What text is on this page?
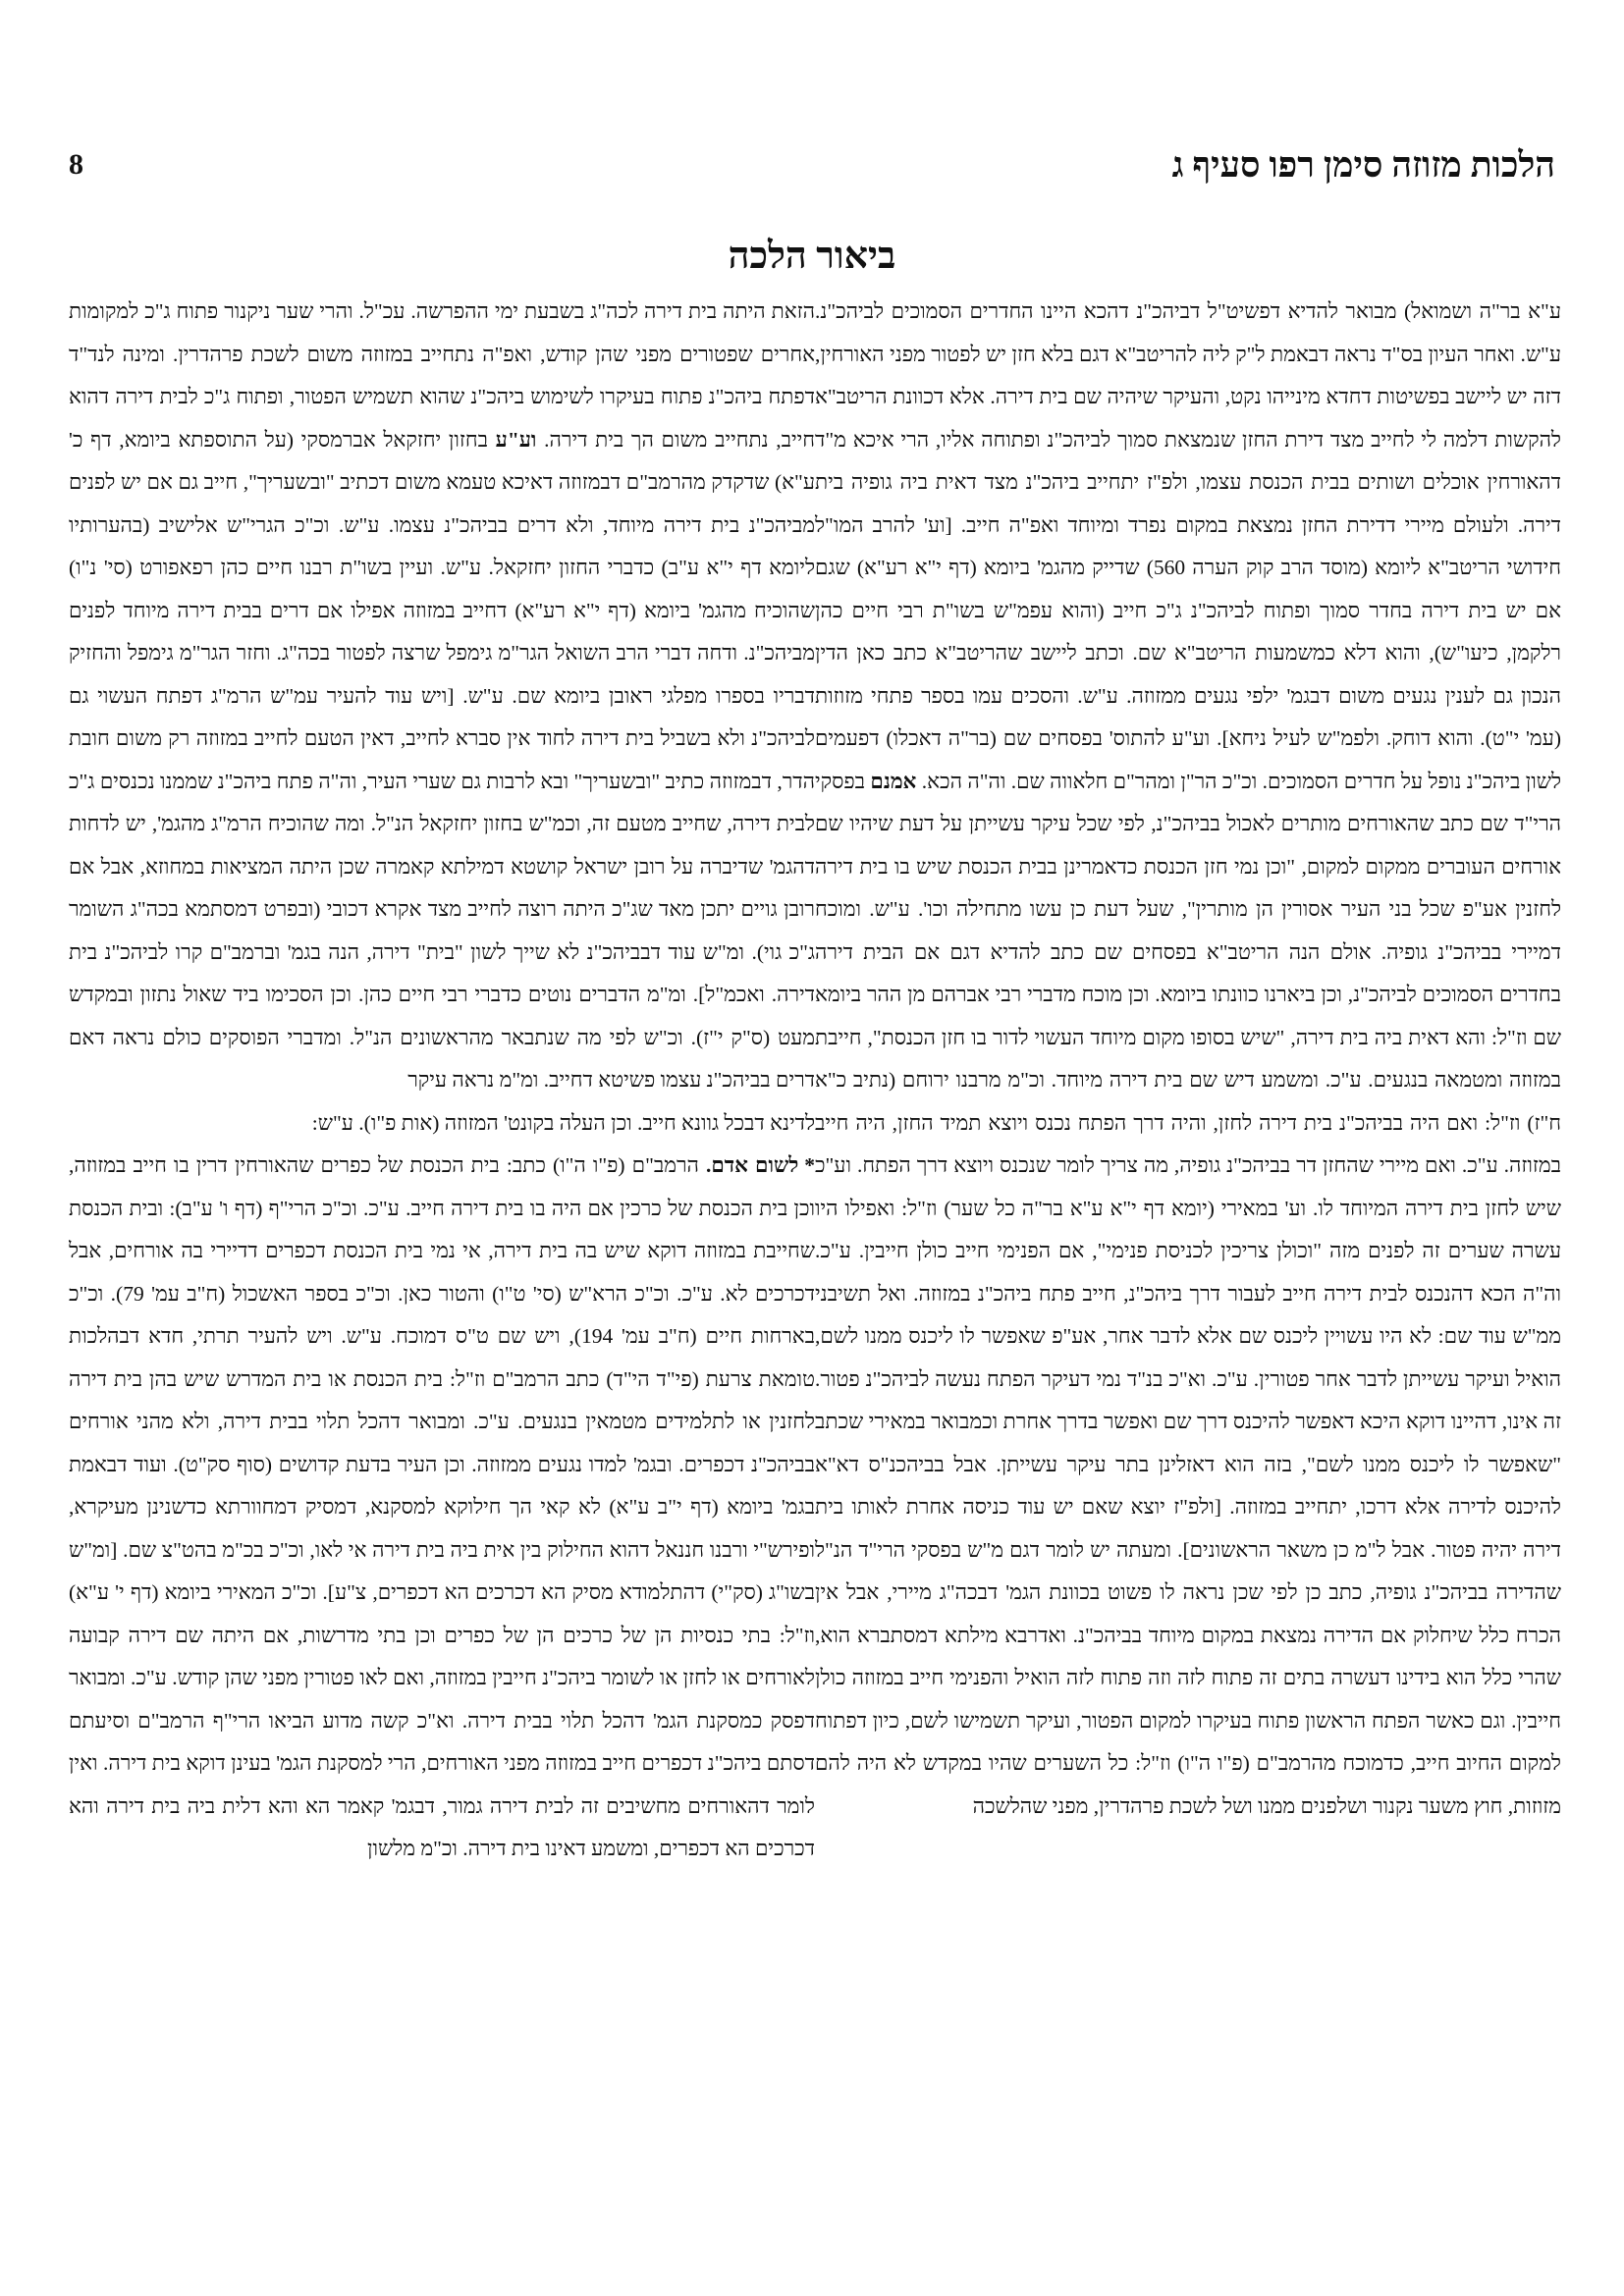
הלכות מזוזה סימן רפו סעיף ג
8
ביאור הלכה

ע"א בר"ה ושמואל) מבואר להדיא דפשיט"ל דביהכ"נ דהכא היינו החדרים הסמוכים לביהכ"נ. ע"ש. ואחר העיון בס"ד נראה דבאמת ל"ק ליה להריטב"א דגם בלא חזן יש לפטור מפני האורחין, דזה יש ליישב בפשיטות דחדא מינייהו נקט, והעיקר שיהיה שם בית דירה. אלא דכוונת הריטב"א להקשות דלמה לי לחייב מצד דירת החזן שנמצאת סמוך לביהכ"נ ופתוחה אליו, הרי איכא מ"ד דהאורחין אוכלים ושותים בבית הכנסת עצמו, ולפ"ז יתחייב ביהכ"נ מצד דאית ביה גופיה בית דירה. ולעולם מיירי דדירת החזן נמצאת במקום נפרד ומיוחד ואפ"ה חייב. [וע' להרב המו"ל חידושי הריטב"א ליומא (מוסד הרב קוק הערה 560) שדייק מהגמ' ביומא (דף י"א רע"א) שגם אם יש בית דירה בחדר סמוך ופתוח לביהכ"נ ג"כ חייב (והוא עפמ"ש בשו"ת רבי חיים כהן רלקמן, כיעו"ש), והוא דלא כמשמעות הריטב"א שם. וכתב ליישב שהריטב"א כתב כאן הדין הנכון גם לענין נגעים משום דבגמ' ילפי נגעים ממזוזה. ע"ש. והסכים עמו בספר פתחי מזוזות (עמ' י"ט). והוא דוחק. ולפמ"ש לעיל ניחא]. וע"ע להתוס' בפסחים שם (בר"ה דאכלו) דפעמים לשון ביהכ"נ נופל על חדרים הסמוכים. וכ"כ הר"ן ומהר"ם חלאווה שם. וה"ה הכא. אמנם בפסקי הרי"ד שם כתב שהאורחים מותרים לאכול בביהכ"נ, לפי שכל עיקר עשייתן על דעת שיהיו שם אורחים העוברים ממקום למקום, "וכן נמי חזן הכנסת כדאמרינן בבית הכנסת שיש בו בית דירה לחזנין אע"פ שכל בני העיר אסורין הן מותרין", שעל דעת כן עשו מתחילה וכו'. ע"ש. ומוכח דמיירי בביהכ"נ גופיה. אולם הנה הריטב"א בפסחים שם כתב להדיא דגם אם הבית דירה בחדרים הסמוכים לביהכ"נ, וכן ביארנו כוונתו ביומא. וכן מוכח מדברי רבי אברהם מן ההר ביומא שם וז"ל: והא דאית ביה בית דירה, "שיש בסופו מקום מיוחד העשוי לדור בו חזן הכנסת", חייבת במזוזה ומטמאה בנגעים. ע"כ. ומשמע דיש שם בית דירה מיוחד. וכ"מ מרבנו ירוחם (נתיב כ"א ח"ז) וז"ל: ואם היה בביהכ"נ בית דירה לחזן, והיה דרך הפתח נכנס ויוצא תמיד החזן, היה חייב במזוזה. ע"כ. ואם מיירי שהחזן דר בביהכ"נ גופיה, מה צריך לומר שנכנס ויוצא דרך הפתח. וע"כ שיש לחזן בית דירה המיוחד לו. וע' במאירי (יומא דף י"א ע"א בר"ה כל שער) וז"ל: ואפילו היו עשרה שערים זה לפנים מזה "וכולן צריכין לכניסת פנימי", אם הפנימי חייב כולן חייבין. ע"כ. וה"ה הכא דהנכנס לבית דירה חייב לעבור דרך ביהכ"נ, חייב פתח ביהכ"נ במזוזה. ואל תשיבני ממ"ש עוד שם: לא היו עשויין ליכנס שם אלא לדבר אחר, אע"פ שאפשר לו ליכנס ממנו לשם, הואיל ועיקר עשייתן לדבר אחר פטורין. ע"כ. וא"כ בנ"ד נמי דעיקר הפתח נעשה לביהכ"נ פטור. זה אינו, דהיינו דוקא היכא דאפשר להיכנס דרך שם ואפשר בדרך אחרת וכמבואר במאירי שכתב "שאפשר לו ליכנס ממנו לשם", בזה הוא דאזלינן בתר עיקר עשייתן. אבל בביהכנ"ס דא"א להיכנס לדירה אלא דרכו, יתחייב במזוזה. [ולפ"ז יוצא שאם יש עוד כניסה אחרת לאותו בית דירה יהיה פטור. אבל ל"מ כן משאר הראשונים]. ומעתה יש לומר דגם מ"ש בפסקי הרי"ד הנ"ל שהדירה בביהכ"נ גופיה, כתב כן לפי שכן נראה לו פשוט בכוונת הגמ' דבכה"ג מיירי, אבל אין הכרח כלל שיחלוק אם הדירה נמצאת במקום מיוחד בביהכ"נ. ואדרבא מילתא דמסתברא הוא, שהרי כלל הוא בידינו דעשרה בתים זה פתוח לזה וזה פתוח לזה הואיל והפנימי חייב במזוזה כולן חייבין. וגם כאשר הפתח הראשון פתוח בעיקרו למקום הפטור, ועיקר תשמישו לשם, כיון דפתוח למקום החיוב חייב, כדמוכח מהרמב"ם (פ"ו ה"ו) וז"ל: כל השערים שהיו במקדש לא היה להם מזוזות, חוץ משער נקנור ושלפנים ממנו ושל לשכת פרהדרין, מפני שהלשכה

הזאת היתה בית דירה לכה"ג בשבעת ימי ההפרשה. עכ"ל. והרי שער ניקנור פתוח ג"כ למקומות אחרים שפטורים מפני שהן קודש, ואפ"ה נתחייב במזוזה משום לשכת פרהדרין. ומינה לנד"ד דפתח ביהכ"נ פתוח בעיקרו לשימוש ביהכ"נ שהוא תשמיש הפטור, ופתוח ג"כ לבית דירה דהוא חייב, נתחייב משום הך בית דירה. וע"ע בחזון יחזקאל אברמסקי (על התוספתא ביומא, דף כ' ע"א) שדקדק מהרמב"ם דבמזוזה דאיכא טעמא משום דכתיב "ובשעריך", חייב גם אם יש לפנים מביהכ"נ בית דירה מיוחד, ולא דרים בביהכ"נ עצמו. ע"ש. וכ"כ הגרי"ש אלישיב (בהערותיו ליומא דף י"א ע"ב) כדברי החזון יחזקאל. ע"ש. ועיין בשו"ת רבנו חיים כהן רפאפורט (סי' נ"ו) שהוכיח מהגמ' ביומא (דף י"א רע"א) דחייב במזוזה אפילו אם דרים בבית דירה מיוחד לפנים מביהכ"נ. ודחה דברי הרב השואל הגר"מ גימפל שרצה לפטור בכה"ג. וחזר הגר"מ גימפל והחזיק דבריו בספרו מפלגי ראובן ביומא שם. ע"ש. [ויש עוד להעיר עמ"ש הרמ"ג דפתח העשוי גם לביהכ"נ ולא בשביל בית דירה לחוד אין סברא לחייב, דאין הטעם לחייב במזוזה רק משום חובת הדר, דבמזוזה כתיב "ובשעריך" ובא לרבות גם שערי העיר, וה"ה פתח ביהכ"נ שממנו נכנסים ג"כ לבית דירה, שחייב מטעם זה, וכמ"ש בחזון יחזקאל הנ"ל. ומה שהוכיח הרמ"ג מהגמ', יש לדחות דהגמ' שדיברה על רובן ישראל קושטא דמילתא קאמרה שכן היתה המציאות במחוזא, אבל אם רובן גויים יתכן מאד שג"כ היתה רוצה לחייב מצד אקרא דכובי (ובפרט דמסתמא בכה"ג השומר ג"כ גוי). ומ"ש עוד דבביהכ"נ לא שייך לשון "בית" דירה, הנה בגמ' וברמב"ם קרו לביהכ"נ בית דירה. ואכמ"ל]. ומ"מ הדברים נוטים כדברי רבי חיים כהן. וכן הסכימו ביד שאול נתזון ובמקדש מעט (ס"ק י"ז). וכ"ש לפי מה שנתבאר מהראשונים הנ"ל. ומדברי הפוסקים כולם נראה דאם דרים בביהכ"נ עצמו פשיטא דחייב. ומ"מ נראה עיקר

לדינא דבכל גוונא חייב. וכן העלה בקונט' המזוזה (אות פ"ו). ע"ש:

*לשום אדם. הרמב"ם (פ"ו ה"ו) כתב: בית הכנסת של כפרים שהאורחין דרין בו חייב במזוזה, וכן בית הכנסת של כרכין אם היה בו בית דירה חייב. ע"כ. וכ"כ הרי"ף (דף ו' ע"ב): ובית הכנסת שחייבת במזוזה דוקא שיש בה בית דירה, אי נמי בית הכנסת דכפרים דדיירי בה אורחים, אבל דכרכים לא. ע"כ. וכ"כ הרא"ש (סי' ט"ו) והטור כאן. וכ"כ בספר האשכול (ח"ב עמ' 79). וכ"כ בארחות חיים (ח"ב עמ' 194), ויש שם ט"ס דמוכח. ע"ש. ויש להעיר תרתי, חדא דבהלכות טומאת צרעת (פי"ד הי"ד) כתב הרמב"ם וז"ל: בית הכנסת או בית המדרש שיש בהן בית דירה לחזנין או לתלמידים מטמאין בנגעים. ע"כ. ומבואר דהכל תלוי בבית דירה, ולא מהני אורחים בביהכ"נ דכפרים. ובגמ' למדו נגעים ממזוזה. וכן העיר בדעת קדושים (סוף סק"ט). ועוד דבאמת בגמ' ביומא (דף י"ב ע"א) לא קאי הך חילוקא למסקנא, דמסיק דמחוורתא כדשנינן מעיקרא, ופירש"י ורבנו חננאל דהוא החילוק בין אית ביה בית דירה אי לאו, וכ"כ בכ"מ בהט"צ שם. [ומ"ש בשו"ג (סק"י) דהתלמודא מסיק הא דכרכים הא דכפרים, צ"ע]. וכ"כ המאירי ביומא (דף י' ע"א) וז"ל: בתי כנסיות הן של כרכים הן של כפרים וכן בתי מדרשות, אם היתה שם דירה קבועה לאורחים או לחזן או לשומר ביהכ"נ חייבין במזוזה, ואם לאו פטורין מפני שהן קודש. ע"כ. ומבואר דפסק כמסקנת הגמ' דהכל תלוי בבית דירה. וא"כ קשה מדוע הביאו הרי"ף הרמב"ם וסיעתם דסתם ביהכ"נ דכפרים חייב במזוזה מפני האורחים, הרי למסקנת הגמ' בעינן דוקא בית דירה. ואין לומר דהאורחים מחשיבים זה לבית דירה גמור, דבגמ' קאמר הא והא דלית ביה בית דירה והא דכרכים הא דכפרים, ומשמע דאינו בית דירה. וכ"מ מלשון
